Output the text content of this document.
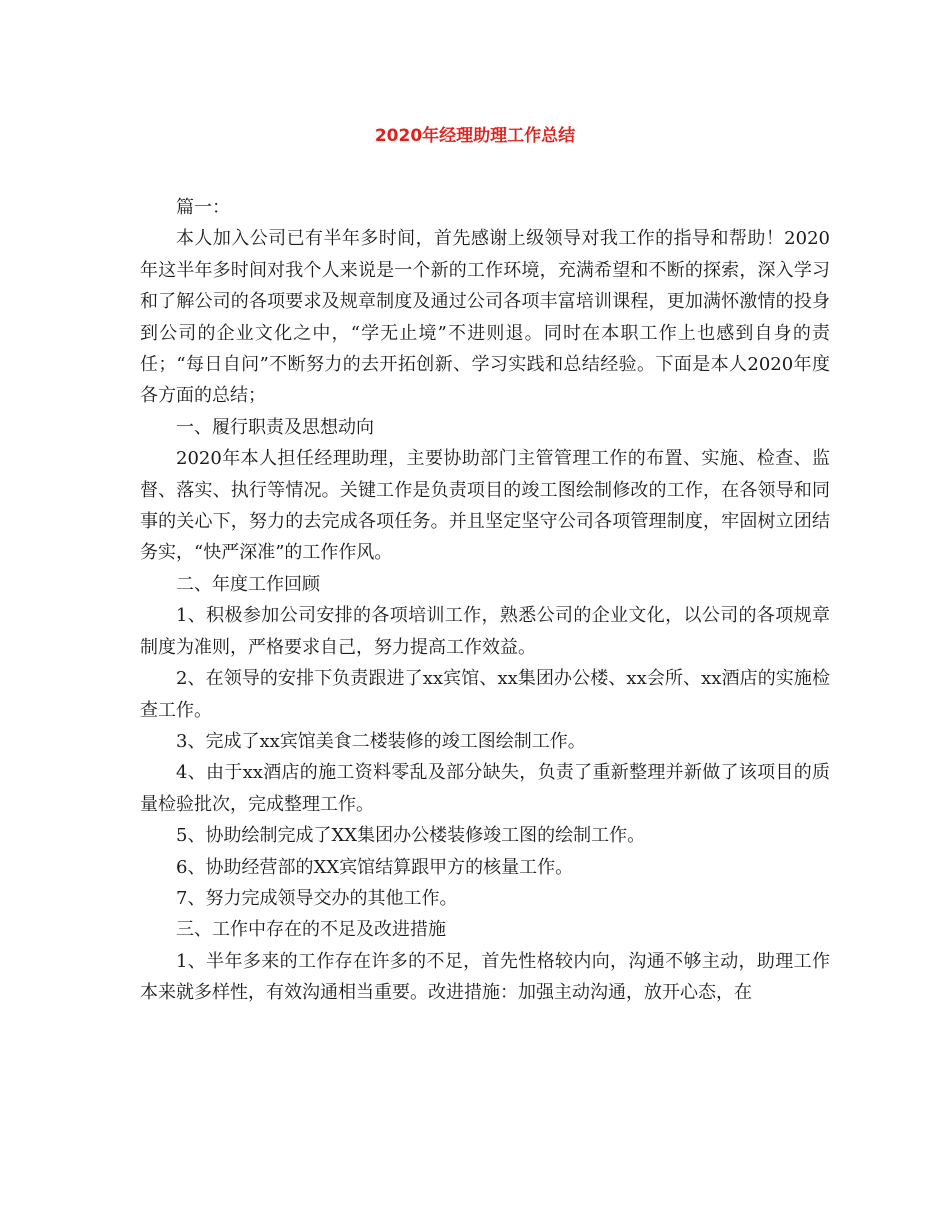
2020年经理助理工作总结

篇一：

本人加入公司已有半年多时间，首先感谢上级领导对我工作的指导和帮助！2020年这半年多时间对我个人来说是一个新的工作环境，充满希望和不断的探索，深入学习和了解公司的各项要求及规章制度及通过公司各项丰富培训课程，更加满怀激情的投身到公司的企业文化之中，“学无止境”不进则退。同时在本职工作上也感到自身的责任；“每日自问”不断努力的去开拓创新、学习实践和总结经验。下面是本人2020年度各方面的总结；

一、履行职责及思想动向

2020年本人担任经理助理，主要协助部门主管管理工作的布置、实施、检查、监督、落实、执行等情况。关键工作是负责项目的竣工图绘制修改的工作，在各领导和同事的关心下，努力的去完成各项任务。并且坚定坚守公司各项管理制度，牢固树立团结务实，“快严深准”的工作作风。

二、年度工作回顾

1、积极参加公司安排的各项培训工作，熟悉公司的企业文化，以公司的各项规章制度为准则，严格要求自己，努力提高工作效益。

2、在领导的安排下负责跟进了xx宾馆、xx集团办公楼、xx会所、xx酒店的实施检查工作。

3、完成了xx宾馆美食二楼装修的竣工图绘制工作。

4、由于xx酒店的施工资料零乱及部分缺失，负责了重新整理并新做了该项目的质量检验批次，完成整理工作。

5、协助绘制完成了XX集团办公楼装修竣工图的绘制工作。

6、协助经营部的XX宾馆结算跟甲方的核量工作。

7、努力完成领导交办的其他工作。

三、工作中存在的不足及改进措施

1、半年多来的工作存在许多的不足，首先性格较内向，沟通不够主动，助理工作本来就多样性，有效沟通相当重要。改进措施：加强主动沟通，放开心态，在
